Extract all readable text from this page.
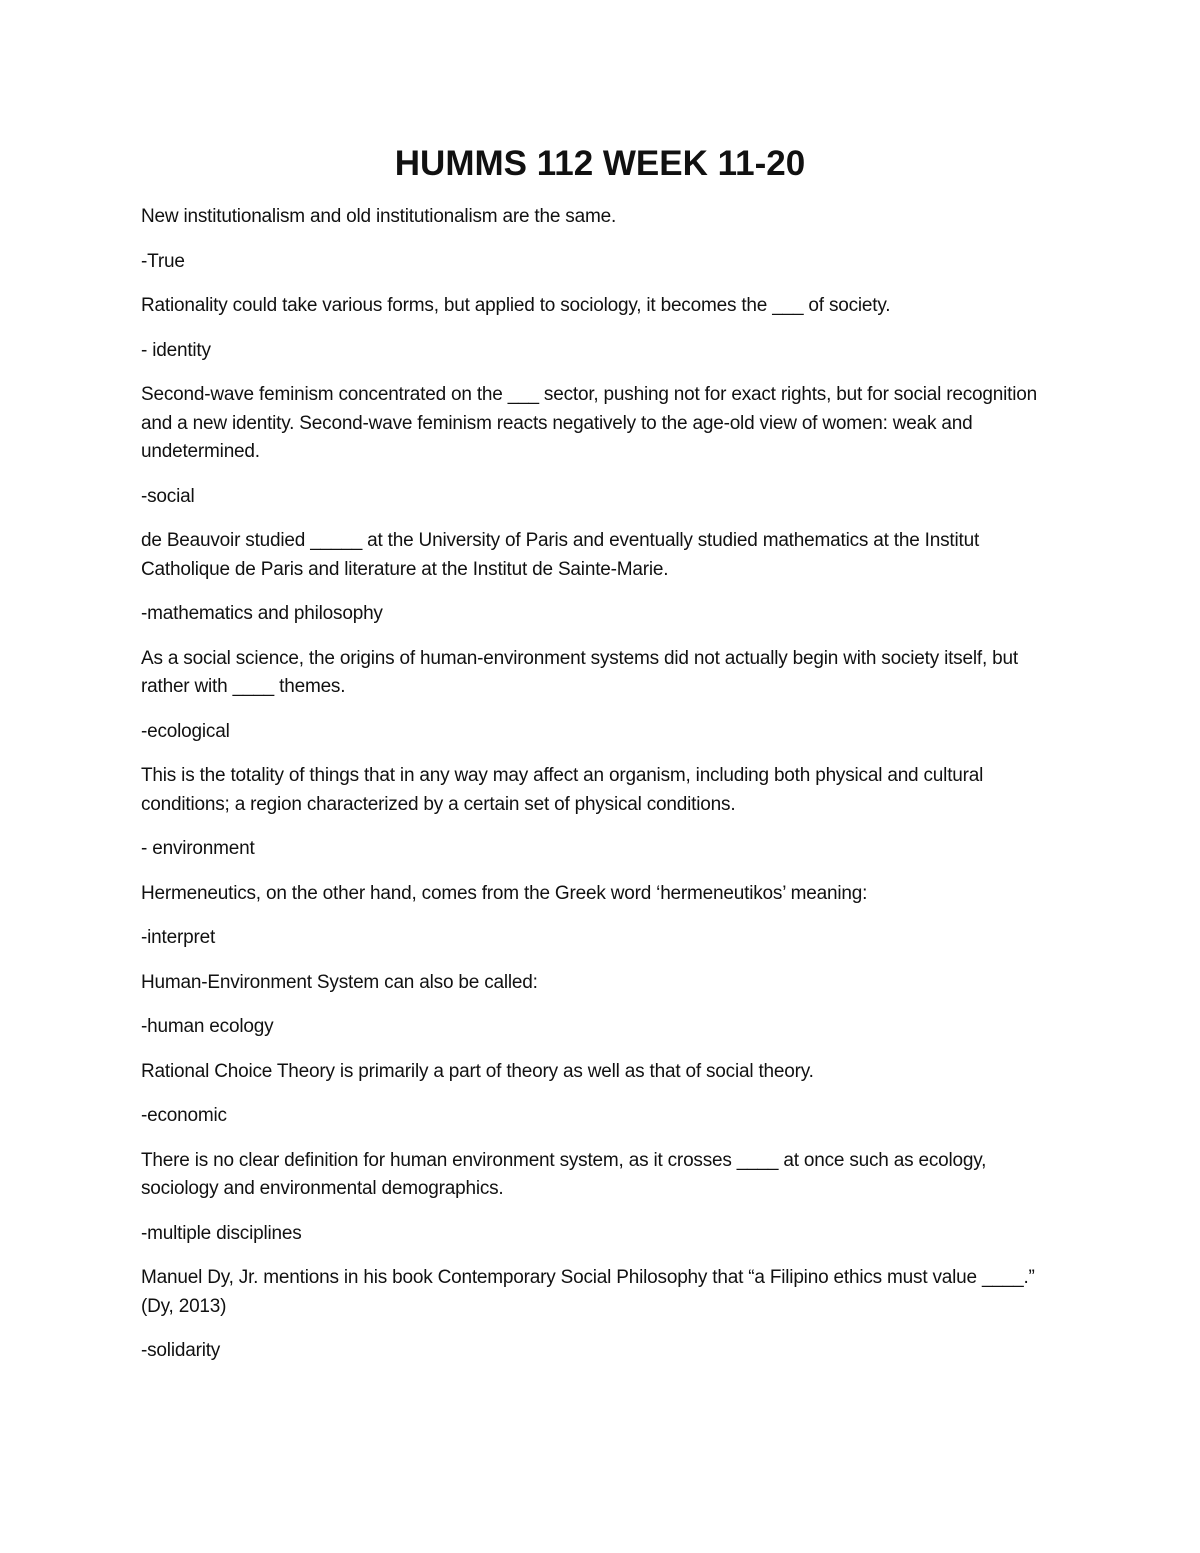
HUMMS 112 WEEK 11-20

New institutionalism and old institutionalism are the same.

-True

Rationality could take various forms, but applied to sociology, it becomes the ___ of society.

- identity

Second-wave feminism concentrated on the ___ sector, pushing not for exact rights, but for social recognition and a new identity. Second-wave feminism reacts negatively to the age-old view of women: weak and undetermined.

-social

de Beauvoir studied _____ at the University of Paris and eventually studied mathematics at the Institut Catholique de Paris and literature at the Institut de Sainte-Marie.

-mathematics and philosophy

As a social science, the origins of human-environment systems did not actually begin with society itself, but rather with ____ themes.

-ecological

This is the totality of things that in any way may affect an organism, including both physical and cultural conditions; a region characterized by a certain set of physical conditions.

- environment

Hermeneutics, on the other hand, comes from the Greek word ‘hermeneutikos’ meaning:

-interpret

Human-Environment System can also be called:

-human ecology

Rational Choice Theory is primarily a part of theory as well as that of social theory.

-economic

There is no clear definition for human environment system, as it crosses ____ at once such as ecology, sociology and environmental demographics.

-multiple disciplines

Manuel Dy, Jr. mentions in his book Contemporary Social Philosophy that “a Filipino ethics must value ____.” (Dy, 2013)

-solidarity
